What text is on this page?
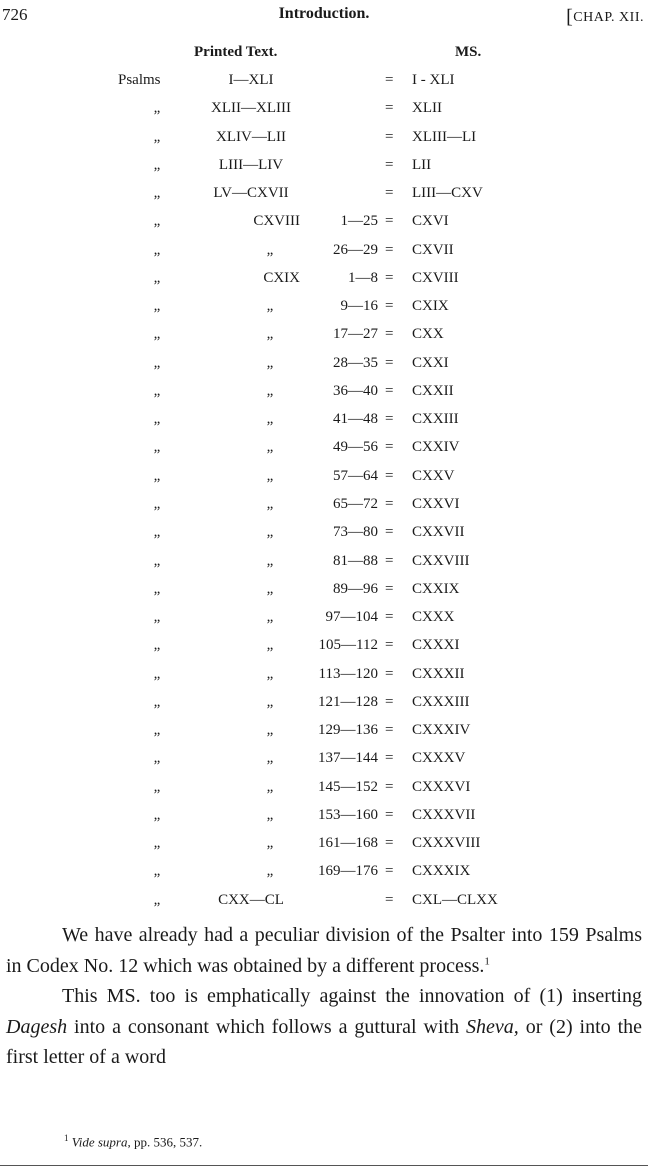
726	Introduction.	[CHAP. XII.
Printed Text.	MS.
Psalms	I—XLI	= I - XLI
„	XLII—XLIII	= XLII
„	XLIV—LII	= XLIII—LI
„	LIII—LIV	= LII
„	LV—CXVII	= LIII—CXV
„	CXVIII	1—25 = CXVI
„	„	26—29 = CXVII
„	CXIX	1—8 = CXVIII
„	„	9—16 = CXIX
„	„	17—27 = CXX
„	„	28—35 = CXXI
„	„	36—40 = CXXII
„	„	41—48 = CXXIII
„	„	49—56 = CXXIV
„	„	57—64 = CXXV
„	„	65—72 = CXXVI
„	„	73—80 = CXXVII
„	„	81—88 = CXXVIII
„	„	89—96 = CXXIX
„	„	97—104 = CXXX
„	„	105—112 = CXXXI
„	„	113—120 = CXXXII
„	„	121—128 = CXXXIII
„	„	129—136 = CXXXIV
„	„	137—144 = CXXXV
„	„	145—152 = CXXXVI
„	„	153—160 = CXXXVII
„	„	161—168 = CXXXVIII
„	„	169—176 = CXXXIX
„	CXX—CL	= CXL—CLXX

We have already had a peculiar division of the Psalter into 159 Psalms in Codex No. 12 which was obtained by a different process.$^1$

This MS. too is emphatically against the innovation of (1) inserting Dagesh into a consonant which follows a guttural with Sheva, or (2) into the first letter of a word

$^1$ Vide supra, pp. 536, 537.
